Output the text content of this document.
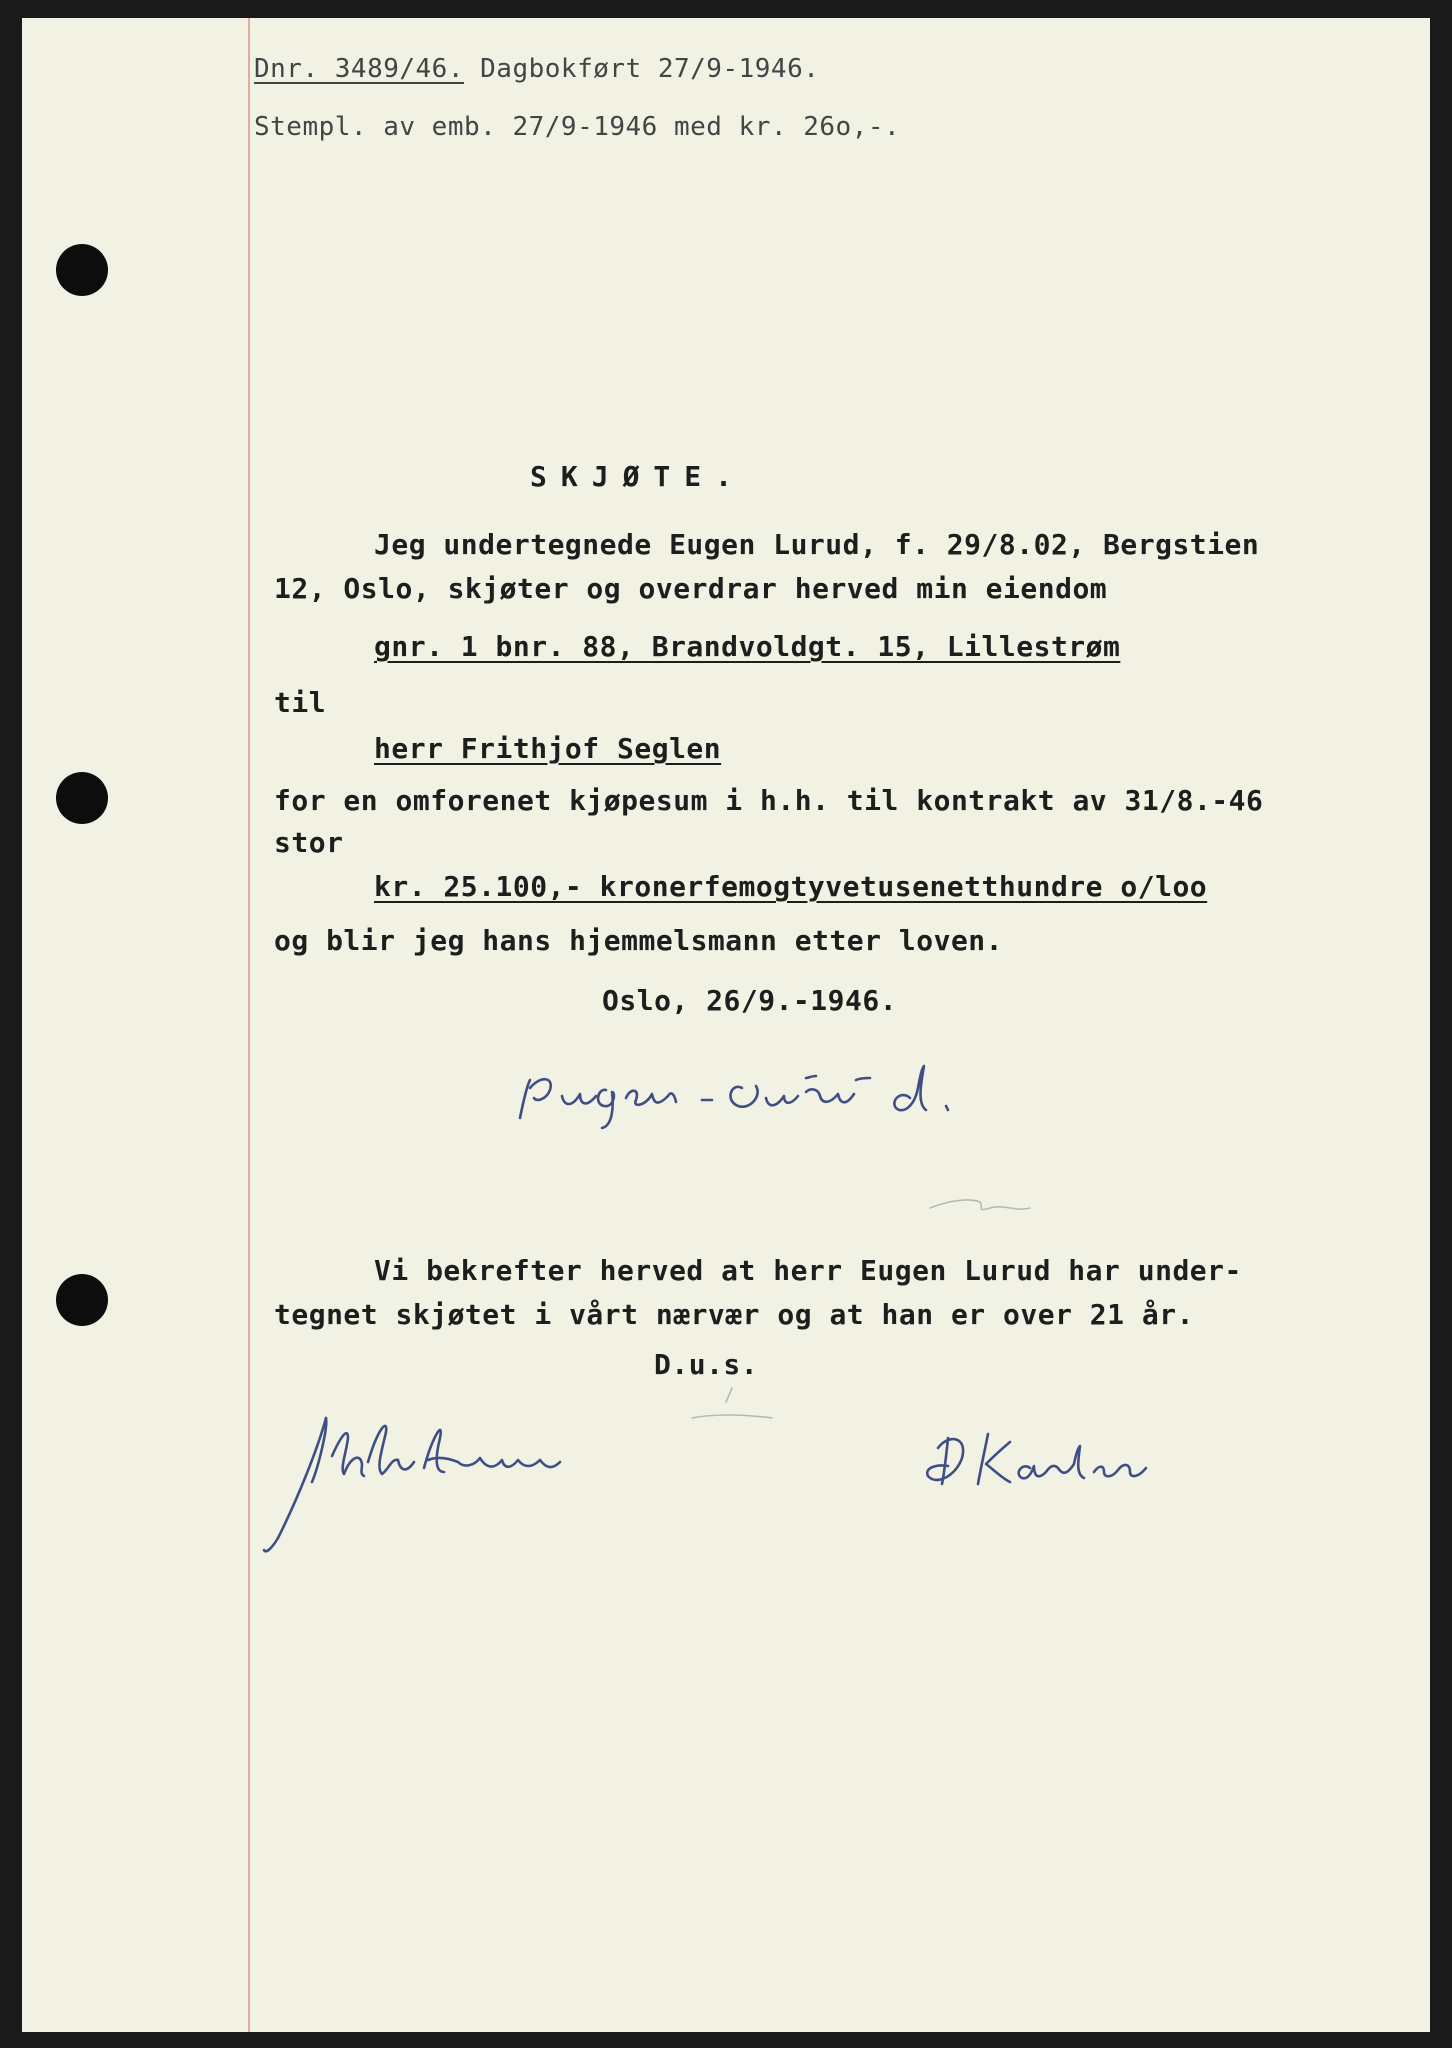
Dnr. 3489/46. Dagbokført 27/9-1946.
Stempl. av emb. 27/9-1946 med kr. 26o,-.
SKJØTE.
Jeg undertegnede Eugen Lurud, f. 29/8.02, Bergstien
12, Oslo, skjøter og overdrar herved min eiendom
gnr. 1 bnr. 88, Brandvoldgt. 15, Lillestrøm
til
herr Frithjof Seglen
for en omforenet kjøpesum i h.h. til kontrakt av 31/8.-46
stor
kr. 25.100,- kronerfemogtyvetusenetthundre o/loo
og blir jeg hans hjemmelsmann etter loven.
Oslo, 26/9.-1946.
Vi bekrefter herved at herr Eugen Lurud har under-
tegnet skjøtet i vårt nærvær og at han er over 21 år.
D.u.s.
